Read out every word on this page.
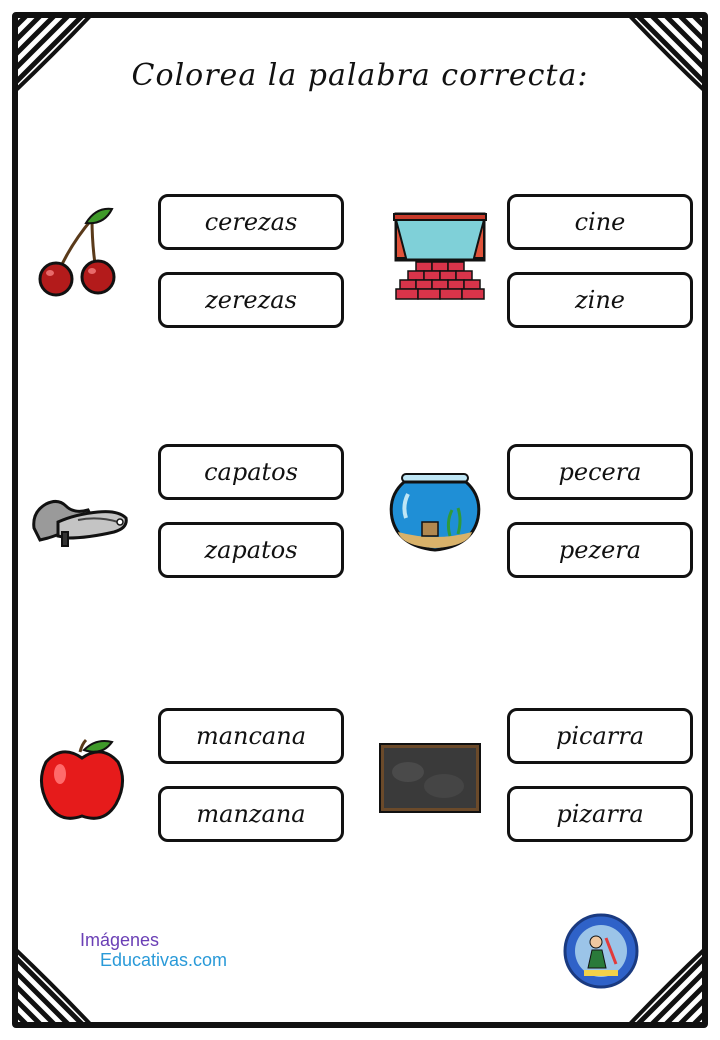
Colorea la palabra correcta:
cerezas
zerezas
cine
zine
capatos
zapatos
pecera
pezera
mancana
manzana
picarra
pizarra
Imágenes
Educativas.com
